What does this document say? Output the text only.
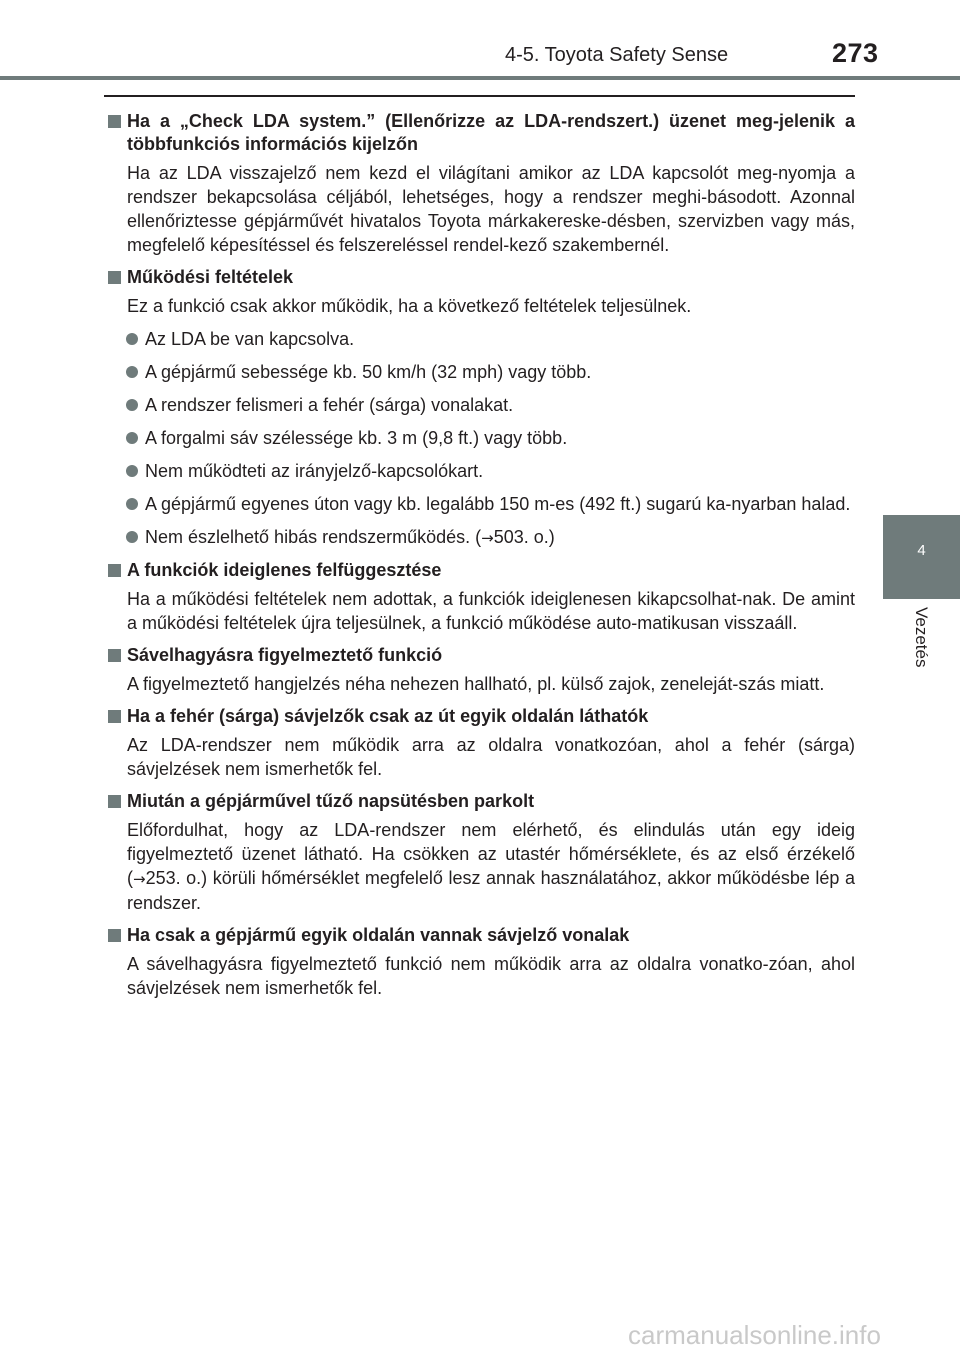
4-5. Toyota Safety Sense	273
4
Vezetés
Ha a „Check LDA system.” (Ellenőrizze az LDA-rendszert.) üzenet meg-jelenik a többfunkciós információs kijelzőn
Ha az LDA visszajelző nem kezd el világítani amikor az LDA kapcsolót meg-nyomja a rendszer bekapcsolása céljából, lehetséges, hogy a rendszer meghi-básodott. Azonnal ellenőriztesse gépjárművét hivatalos Toyota márkakereske-désben, szervizben vagy más, megfelelő képesítéssel és felszereléssel rendel-kező szakembernél.
Működési feltételek
Ez a funkció csak akkor működik, ha a következő feltételek teljesülnek.
Az LDA be van kapcsolva.
A gépjármű sebessége kb. 50 km/h (32 mph) vagy több.
A rendszer felismeri a fehér (sárga) vonalakat.
A forgalmi sáv szélessége kb. 3 m (9,8 ft.) vagy több.
Nem működteti az irányjelző-kapcsolókart.
A gépjármű egyenes úton vagy kb. legalább 150 m-es (492 ft.) sugarú ka-nyarban halad.
Nem észlelhető hibás rendszerműködés. (→503. o.)
A funkciók ideiglenes felfüggesztése
Ha a működési feltételek nem adottak, a funkciók ideiglenesen kikapcsolhat-nak. De amint a működési feltételek újra teljesülnek, a funkció működése auto-matikusan visszaáll.
Sávelhagyásra figyelmeztető funkció
A figyelmeztető hangjelzés néha nehezen hallható, pl. külső zajok, zeneleját-szás miatt.
Ha a fehér (sárga) sávjelzők csak az út egyik oldalán láthatók
Az LDA-rendszer nem működik arra az oldalra vonatkozóan, ahol a fehér (sárga) sávjelzések nem ismerhetők fel.
Miután a gépjárművel tűző napsütésben parkolt
Előfordulhat, hogy az LDA-rendszer nem elérhető, és elindulás után egy ideig figyelmeztető üzenet látható. Ha csökken az utastér hőmérséklete, és az első érzékelő (→253. o.) körüli hőmérséklet megfelelő lesz annak használatához, akkor működésbe lép a rendszer.
Ha csak a gépjármű egyik oldalán vannak sávjelző vonalak
A sávelhagyásra figyelmeztető funkció nem működik arra az oldalra vonatko-zóan, ahol sávjelzések nem ismerhetők fel.
carmanualsonline.info
